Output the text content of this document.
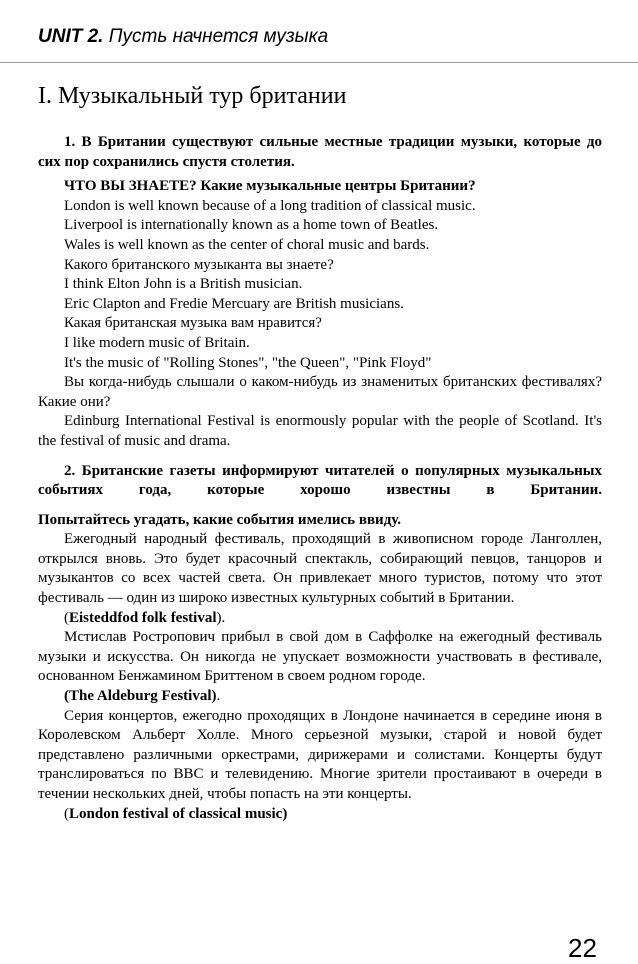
UNIT 2. Пусть начнется музыка
I. Музыкальный тур британии

1. В Британии существуют сильные местные традиции музыки, которые до сих пор сохранились спустя столетия.

ЧТО ВЫ ЗНАЕТЕ? Какие музыкальные центры Британии?

London is well known because of a long tradition of classical music.

Liverpool is internationally known as a home town of Beatles.

Wales is well known as the center of choral music and bards.

Какого британского музыканта вы знаете?

I think Elton John is a British musician.

Eric Clapton and Fredie Mercuary are British musicians.

Какая британская музыка вам нравится?

I like modern music of Britain.

It's the music of "Rolling Stones", "the Queen", "Pink Floyd"

Вы когда-нибудь слышали о каком-нибудь из знаменитых британских фестивалях? Какие они?

Edinburg International Festival is enormously popular with the people of Scotland. It's the festival of music and drama.

2. Британские газеты информируют читателей о популярных музыкальных событиях года, которые хорошо известны в Британии.

Попытайтесь угадать, какие события имелись ввиду.

Ежегодный народный фестиваль, проходящий в живописном городе Ланголлен, открылся вновь. Это будет красочный спектакль, собирающий певцов, танцоров и музыкантов со всех частей света. Он привлекает много туристов, потому что этот фестиваль — один из широко известных культурных событий в Британии.

(Eisteddfod folk festival).

Мстислав Ростропович прибыл в свой дом в Саффолке на ежегодный фестиваль музыки и искусства. Он никогда не упускает возможности участвовать в фестивале, основанном Бенжамином Бриттеном в своем родном городе.

(The Aldeburg Festival).

Серия концертов, ежегодно проходящих в Лондоне начинается в середине июня в Королевском Альберт Холле. Много серьезной музыки, старой и новой будет представлено различными оркестрами, дирижерами и солистами. Концерты будут транслироваться по BBC и телевидению. Многие зрители простаивают в очереди в течении нескольких дней, чтобы попасть на эти концерты.

(London festival of classical music)

22
